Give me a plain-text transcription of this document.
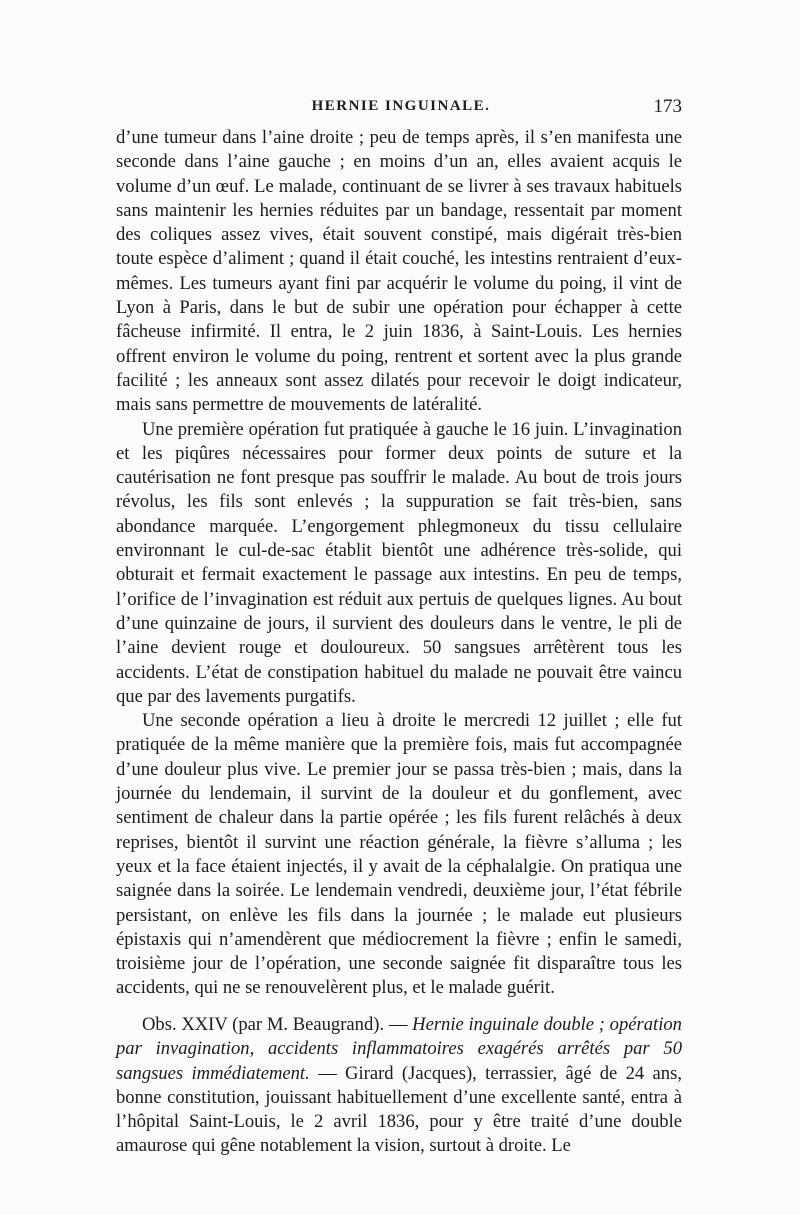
HERNIE INGUINALE.	173

d’une tumeur dans l’aine droite ; peu de temps après, il s’en manifesta une seconde dans l’aine gauche ; en moins d’un an, elles avaient acquis le volume d’un œuf. Le malade, continuant de se livrer à ses travaux habituels sans maintenir les hernies réduites par un bandage, ressentait par moment des coliques assez vives, était souvent constipé, mais digérait très-bien toute espèce d’aliment ; quand il était couché, les intestins rentraient d’eux-mêmes. Les tumeurs ayant fini par acquérir le volume du poing, il vint de Lyon à Paris, dans le but de subir une opération pour échapper à cette fâcheuse infirmité. Il entra, le 2 juin 1836, à Saint-Louis. Les hernies offrent environ le volume du poing, rentrent et sortent avec la plus grande facilité ; les anneaux sont assez dilatés pour recevoir le doigt indicateur, mais sans permettre de mouvements de latéralité.

Une première opération fut pratiquée à gauche le 16 juin. L’invagination et les piqûres nécessaires pour former deux points de suture et la cautérisation ne font presque pas souffrir le malade. Au bout de trois jours révolus, les fils sont enlevés ; la suppuration se fait très-bien, sans abondance marquée. L’engorgement phlegmoneux du tissu cellulaire environnant le cul-de-sac établit bientôt une adhérence très-solide, qui obturait et fermait exactement le passage aux intestins. En peu de temps, l’orifice de l’invagination est réduit aux pertuis de quelques lignes. Au bout d’une quinzaine de jours, il survient des douleurs dans le ventre, le pli de l’aine devient rouge et douloureux. 50 sangsues arrêtèrent tous les accidents. L’état de constipation habituel du malade ne pouvait être vaincu que par des lavements purgatifs.

Une seconde opération a lieu à droite le mercredi 12 juillet ; elle fut pratiquée de la même manière que la première fois, mais fut accompagnée d’une douleur plus vive. Le premier jour se passa très-bien ; mais, dans la journée du lendemain, il survint de la douleur et du gonflement, avec sentiment de chaleur dans la partie opérée ; les fils furent relâchés à deux reprises, bientôt il survint une réaction générale, la fièvre s’alluma ; les yeux et la face étaient injectés, il y avait de la céphalalgie. On pratiqua une saignée dans la soirée. Le lendemain vendredi, deuxième jour, l’état fébrile persistant, on enlève les fils dans la journée ; le malade eut plusieurs épistaxis qui n’amendèrent que médiocrement la fièvre ; enfin le samedi, troisième jour de l’opération, une seconde saignée fit disparaître tous les accidents, qui ne se renouvelèrent plus, et le malade guérit.

Obs. XXIV (par M. Beaugrand). — Hernie inguinale double ; opération par invagination, accidents inflammatoires exagérés arrêtés par 50 sangsues immédiatement. — Girard (Jacques), terrassier, âgé de 24 ans, bonne constitution, jouissant habituellement d’une excellente santé, entra à l’hôpital Saint-Louis, le 2 avril 1836, pour y être traité d’une double amaurose qui gêne notablement la vision, surtout à droite. Le
